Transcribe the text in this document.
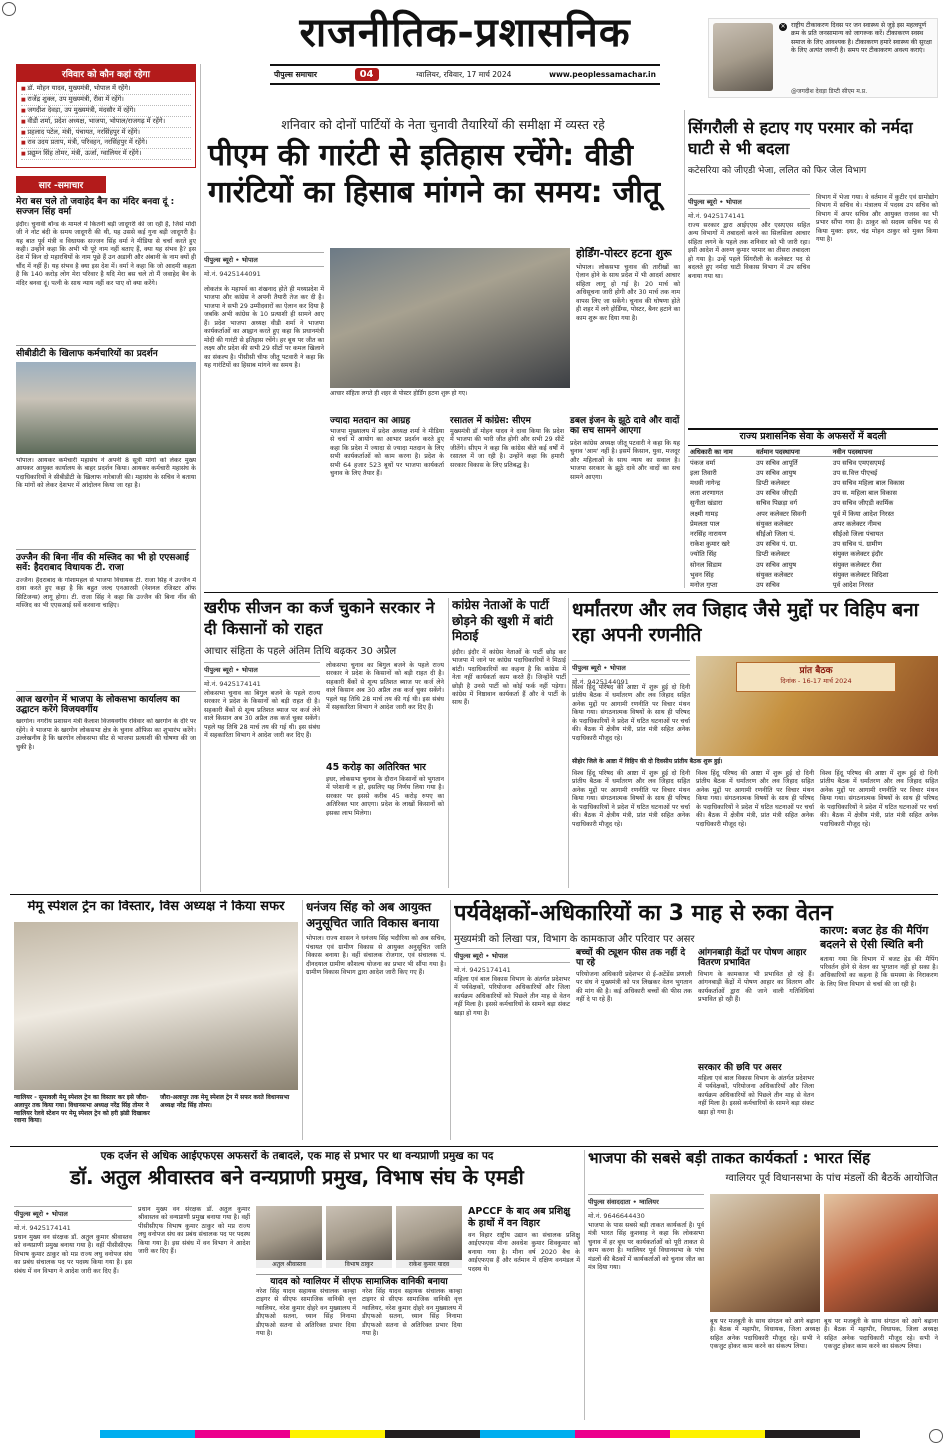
राजनीतिक-प्रशासनिक
पीपुल्स समाचार	04	ग्वालियर, रविवार, 17 मार्च 2024	www.peoplessamachar.in
✕ राष्ट्रीय टीकाकरण दिवस पर जन स्वास्थ्य से जुड़े इस महत्वपूर्ण क्रम के प्रति जनसामान्य को जागरूक करें। टीकाकरण स्वस्थ समाज के लिए आवश्यक है। टीकाकरण हमारे स्वास्थ्य की सुरक्षा के लिए अत्यंत जरूरी है। समय पर टीकाकरण अवश्य कराएं।
@जगदीश देवड़ा डिप्टी सीएम म.प्र.
रविवार को कौन कहां रहेगा
■ डॉ. मोहन यादव, मुख्यमंत्री, भोपाल में रहेंगे।
■ राजेंद्र शुक्ल, उप मुख्यमंत्री, रीवा में रहेंगे।
■ जगदीश देवड़ा, उप मुख्यमंत्री, मंदसौर में रहेंगे।
■ वीडी शर्मा, प्रदेश अध्यक्ष, भाजपा, भोपाल/राजगढ़ में रहेंगे।
■ प्रहलाद पटेल, मंत्री, पंचायत, नरसिंहपुर में रहेंगे।
■ राव उदय प्रताप, मंत्री, परिवहन, नरसिंहपुर में रहेंगे।
■ प्रद्युम्न सिंह तोमर, मंत्री, ऊर्जा, ग्वालियर में रहेंगे।
सार -समाचार
मेरा बस चले तो जवाहेद बैन का मंदिर बनवा दूं : सज्जन सिंह वर्मा
इंदौर। चुनावी बॉन्ड के मामले में कितनी बड़ी जादूगरी की जा रही है, जिसे मोदी जी ने नोट बंदी के समय जादूगरी की थी, यह उससे कई गुना बड़ी जादूगरी है। यह बात पूर्व मंत्री व विधायक सज्जन सिंह वर्मा ने मीडिया से चर्चा करते हुए कही। उन्होंने कहा कि अभी भी पूरे नाम नहीं बताए हैं, क्या यह संभव है? इस देश में किन दो महारथियों के नाम पूछे हैं उन अडानी और अंबानी के नाम क्यों ही चौंद में नहीं हैं। यह संभव है क्या इस देश में। वर्मा ने कहा कि जो आदमी कहता है कि 140 करोड़ लोग मेरा परिवार है यदि मेरा बस चले तो मैं जवाहेद बैन के मंदिर बनवा दूं। पत्नी के साथ न्याय नहीं कर पाए वो क्या करेंगे।
सीबीडीटी के खिलाफ कर्मचारियों का प्रदर्शन
भोपाल। आयकर कर्मचारी महासंघ ने अपनी 8 सूत्री मांगों को लेकर मुख्य आयकर आयुक्त कार्यालय के बाहर प्रदर्शन किया। आयकर कर्मचारी महासंघ के पदाधिकारियों ने सीबीडीटी के खिलाफ नारेबाजी की। महासंघ के सचिव ने बताया कि मांगों को लेकर देशभर में आंदोलन किया जा रहा है।
उज्जैन की बिना नींव की मस्जिद का भी हो एएसआई सर्वे: हैदराबाद विधायक टी. राजा
उज्जैन। हैदराबाद के गोशामहल से भाजपा विधायक टी. राजा सिंह ने उज्जैन में दावा करते हुए कहा है कि बहुत जल्द एनआरसी (नेशनल रजिस्टर ऑफ सिटिजन्स) लागू होगा। टी. राजा सिंह ने कहा कि उज्जैन की बिना नींव की मस्जिद का भी एएसआई सर्वे करवाना चाहिए।
आज खरगोन में भाजपा के लोकसभा कार्यालय का उद्घाटन करेंगे विजयवर्गीय
खरगोन। नगरीय प्रशासन मंत्री कैलाश विजयवर्गीय रविवार को खरगोन के दौरे पर रहेंगे। वे भाजपा के खरगोन लोकसभा क्षेत्र के चुनाव ऑफिस का शुभारंभ करेंगे। उल्लेखनीय है कि खरगोन लोकसभा सीट से भाजपा प्रत्याशी की घोषणा की जा चुकी है।
शनिवार को दोनों पार्टियों के नेता चुनावी तैयारियों की समीक्षा में व्यस्त रहे
पीएम की गारंटी से इतिहास रचेंगे: वीडी गारंटियों का हिसाब मांगने का समय: जीतू
पीपुल्स ब्यूरो • भोपाल
मो.नं. 9425144091
आचार संहिता लगते ही शहर से पोस्टर होर्डिंग हटना शुरू हो गए।
लोकतंत्र के महापर्व का शंखनाद होते ही मध्यप्रदेश में भाजपा और कांग्रेस ने अपनी तैयारी तेज कर दी है। भाजपा ने सभी 29 उम्मीदवारों का ऐलान कर दिया है जबकि अभी कांग्रेस के 10 प्रत्याशी ही सामने आए हैं। प्रदेश भाजपा अध्यक्ष वीडी शर्मा ने भाजपा कार्यकर्ताओं का आह्वान करते हुए कहा कि प्रधानमंत्री मोदी की गारंटी से इतिहास रचेंगे। हर बूथ पर जीत का लक्ष्य और प्रदेश की सभी 29 सीटों पर कमल खिलाने का संकल्प है। पीसीसी चीफ जीतू पटवारी ने कहा कि यह गारंटियों का हिसाब मांगने का समय है।
होर्डिंग-पोस्टर हटना शुरू
भोपाल। लोकसभा चुनाव की तारीखों का ऐलान होने के साथ प्रदेश में भी आदर्श आचार संहिता लागू हो गई है। 20 मार्च को अधिसूचना जारी होगी और 30 मार्च तक नाम वापस लिए जा सकेंगे। चुनाव की घोषणा होते ही शहर में लगे होर्डिंग्स, पोस्टर, बैनर हटाने का काम शुरू कर दिया गया है।
ज्यादा मतदान का आग्रह
भाजपा मुख्यालय में प्रदेश अध्यक्ष शर्मा ने मीडिया से चर्चा में आयोग का आभार प्रदर्शन करते हुए कहा कि प्रदेश में ज्यादा से ज्यादा मतदान के लिए सभी कार्यकर्ताओं को काम करना है। प्रदेश के सभी 64 हजार 523 बूथों पर भाजपा कार्यकर्ता चुनाव के लिए तैयार हैं।
रसातल में कांग्रेस: सीएम
मुख्यमंत्री डॉ मोहन यादव ने दावा किया कि प्रदेश में भाजपा की भारी जीत होगी और सभी 29 सीटें जीतेंगे। सीएम ने कहा कि कांग्रेस बीते कई वर्षों में रसातल में जा रही है। उन्होंने कहा कि हमारी सरकार विकास के लिए प्रतिबद्ध है।
डबल इंजन के झूठे दावे और वादों का सच सामने आएगा
प्रदेश कांग्रेस अध्यक्ष जीतू पटवारी ने कहा कि यह चुनाव 'आम' नहीं है। इसमें किसान, युवा, मजदूर और महिलाओं के साथ न्याय का सवाल है। भाजपा सरकार के झूठे दावे और वादों का सच सामने आएगा।
सिंगरौली से हटाए गए परमार को नर्मदा घाटी से भी बदला
कटेसरिया को जीएडी भेजा, ललित को फिर जेल विभाग
पीपुल्स ब्यूरो • भोपाल
मो.नं. 9425174141
राज्य सरकार द्वारा आईएएस और एसएएस सहित अन्य विभागों में तबादलों करने का सिलसिला आचार संहिता लगने के पहले तक शनिवार को भी जारी रहा। इसी आदेश में अरुण कुमार परमार का तीसरा तबादला हो गया है। उन्हें पहले सिंगरौली के कलेक्टर पद से बदलते हुए नर्मदा घाटी विकास विभाग में उप सचिव बनाया गया था।
विभाग में भेजा गया। वे वर्तमान में कुटीर एवं ग्रामोद्योग विभाग में सचिव थे। मंत्रालय में पदस्थ उप सचिव को विभाग में अपर सचिव और आयुक्त राजस्व का भी प्रभार सौंपा गया है। ठाकुर को सदस्य सचिव पद से किया मुक्त: इधर, चंद्र मोहन ठाकुर को मुक्त किया गया है।
राज्य प्रशासनिक सेवा के अफसरों में बदली
अधिकारी का नाम	वर्तमान पदस्थापना	नवीन पदस्थापना
पंकज वर्मा	उप सचिव आपूर्ति	उप सचिव एमएसएमई
इला तिवारी	उप सचिव आयुष	उप स.वित्त पीएचई
मधवी नागेन्द्र	डिप्टी कलेक्टर	उप सचिव महिला बाल विकास
लता शरणागत	उप सचिव जीएडी	उप स. महिला बाल विकास
सुनीता खंडारा	सचिव पिछड़ा वर्ग	उप सचिव जीएडी कार्मिक
लक्ष्मी गामड़	अपर कलेक्टर सिवनी	पूर्व में किया आदेश निरस्त
प्रेमलता पाल	संयुक्त कलेक्टर	अपर कलेक्टर नीमच
नरसिंह नारायण	सीईओ जिला पं.	सीईओ जिला पंचायत
राकेश कुमार खरे	उप सचिव पं. ग्रा.	उप सचिव पं. ग्रामीण
ज्योति सिंह	डिप्टी कलेक्टर	संयुक्त कलेक्टर इंदौर
सोनल सिडाम	उप सचिव आयुष	संयुक्त कलेक्टर रीवा
भुवन सिंह	संयुक्त कलेक्टर	संयुक्त कलेक्टर विदिशा
मनोज गुप्ता	उप सचिव	पूर्व आदेश निरस्त
खरीफ सीजन का कर्ज चुकाने सरकार ने दी किसानों को राहत
आचार संहिता के पहले अंतिम तिथि बढ़कर 30 अप्रैल
पीपुल्स ब्यूरो • भोपाल
मो.नं. 9425174141
लोकसभा चुनाव का बिगुल बजने के पहले राज्य सरकार ने प्रदेश के किसानों को बड़ी राहत दी है। सहकारी बैंकों से शून्य प्रतिशत ब्याज पर कर्ज लेने वाले किसान अब 30 अप्रैल तक कर्ज चुका सकेंगे। पहले यह तिथि 28 मार्च तय की गई थी। इस संबंध में सहकारिता विभाग ने आदेश जारी कर दिए हैं।
लोकसभा चुनाव का बिगुल बजने के पहले राज्य सरकार ने प्रदेश के किसानों को बड़ी राहत दी है। सहकारी बैंकों से शून्य प्रतिशत ब्याज पर कर्ज लेने वाले किसान अब 30 अप्रैल तक कर्ज चुका सकेंगे। पहले यह तिथि 28 मार्च तय की गई थी। इस संबंध में सहकारिता विभाग ने आदेश जारी कर दिए हैं।
45 करोड़ का अतिरिक्त भार
इधर, लोकसभा चुनाव के दौरान किसानों को भुगतान में परेशानी न हो, इसलिए यह निर्णय लिया गया है। सरकार पर इससे करीब 45 करोड़ रुपए का अतिरिक्त भार आएगा। प्रदेश के लाखों किसानों को इसका लाभ मिलेगा।
कांग्रेस नेताओं के पार्टी छोड़ने की खुशी में बांटी मिठाई
इंदौर। इंदौर में कांग्रेस नेताओं के पार्टी छोड़ कर भाजपा में जाने पर कांग्रेस पदाधिकारियों ने मिठाई बांटी। पदाधिकारियों का कहना है कि कांग्रेस में नेता नहीं कार्यकर्ता काम करते हैं। जिन्होंने पार्टी छोड़ी है उनसे पार्टी को कोई फर्क नहीं पड़ेगा। कांग्रेस में निष्ठावान कार्यकर्ता हैं और वे पार्टी के साथ हैं।
धर्मांतरण और लव जिहाद जैसे मुद्दों पर विहिप बना रहा अपनी रणनीति
पीपुल्स ब्यूरो • भोपाल
मो.नं. 9425144091
प्रांत बैठक
दिनांक - 16-17 मार्च 2024
सीहोर जिले के आष्टा में विहिप की दो दिवसीय प्रांतीय बैठक शुरू हुई।
विश्व हिंदू परिषद की आष्टा में शुरू हुई दो दिनी प्रांतीय बैठक में धर्मांतरण और लव जिहाद सहित अनेक मुद्दों पर आगामी रणनीति पर विचार मंथन किया गया। संगठनात्मक विषयों के साथ ही परिषद के पदाधिकारियों ने प्रदेश में घटित घटनाओं पर चर्चा की। बैठक में क्षेत्रीय मंत्री, प्रांत मंत्री सहित अनेक पदाधिकारी मौजूद रहे।
विश्व हिंदू परिषद की आष्टा में शुरू हुई दो दिनी प्रांतीय बैठक में धर्मांतरण और लव जिहाद सहित अनेक मुद्दों पर आगामी रणनीति पर विचार मंथन किया गया। संगठनात्मक विषयों के साथ ही परिषद के पदाधिकारियों ने प्रदेश में घटित घटनाओं पर चर्चा की। बैठक में क्षेत्रीय मंत्री, प्रांत मंत्री सहित अनेक पदाधिकारी मौजूद रहे।
विश्व हिंदू परिषद की आष्टा में शुरू हुई दो दिनी प्रांतीय बैठक में धर्मांतरण और लव जिहाद सहित अनेक मुद्दों पर आगामी रणनीति पर विचार मंथन किया गया। संगठनात्मक विषयों के साथ ही परिषद के पदाधिकारियों ने प्रदेश में घटित घटनाओं पर चर्चा की। बैठक में क्षेत्रीय मंत्री, प्रांत मंत्री सहित अनेक पदाधिकारी मौजूद रहे।
विश्व हिंदू परिषद की आष्टा में शुरू हुई दो दिनी प्रांतीय बैठक में धर्मांतरण और लव जिहाद सहित अनेक मुद्दों पर आगामी रणनीति पर विचार मंथन किया गया। संगठनात्मक विषयों के साथ ही परिषद के पदाधिकारियों ने प्रदेश में घटित घटनाओं पर चर्चा की। बैठक में क्षेत्रीय मंत्री, प्रांत मंत्री सहित अनेक पदाधिकारी मौजूद रहे।
मेमू स्पेशल ट्रेन का विस्तार, विस अध्यक्ष ने किया सफर
ग्वालियर - सुमावली मेमू स्पेशल ट्रेन का विस्तार कर इसे जौरा-अलापुर तक किया गया। विधानसभा अध्यक्ष नरेंद्र सिंह तोमर ने ग्वालियर रेलवे स्टेशन पर मेमू स्पेशल ट्रेन को हरी झंडी दिखाकर रवाना किया।
जौरा-अलापुर तक मेमू स्पेशल ट्रेन में सफर करते विधानसभा अध्यक्ष नरेंद्र सिंह तोमर।
धनंजय सिंह को अब आयुक्त अनुसूचित जाति विकास बनाया
भोपाल। राज्य शासन ने धनंजय सिंह भदौरिया को अब सचिव, पंचायत एवं ग्रामीण विकास से आयुक्त अनुसूचित जाति विकास बनाया है। वहीं संचालक रोजगार, एवं संचालक पं. दीनदयाल ग्रामीण कौशल्य योजना का प्रभार भी सौंपा गया है। ग्रामीण विकास विभाग द्वारा आदेश जारी किए गए हैं।
पर्यवेक्षकों-अधिकारियों का 3 माह से रुका वेतन
मुख्यमंत्री को लिखा पत्र, विभाग के कामकाज और परिवार पर असर
पीपुल्स ब्यूरो • भोपाल
मो.नं. 9425174141
महिला एवं बाल विकास विभाग के अंतर्गत प्रदेशभर में पर्यवेक्षकों, परियोजना अधिकारियों और जिला कार्यक्रम अधिकारियों को पिछले तीन माह से वेतन नहीं मिला है। इससे कर्मचारियों के सामने बड़ा संकट खड़ा हो गया है।
बच्चों की ट्यूशन फीस तक नहीं दे पा रहे
परियोजना अधिकारी प्रदेशभर से ई-अटेंडेंस प्रणाली पर संघ ने मुख्यमंत्री को पत्र लिखकर वेतन भुगतान की मांग की है। कई अधिकारी बच्चों की फीस तक नहीं दे पा रहे हैं।
आंगनबाड़ी केंद्रों पर पोषण आहार वितरण प्रभावित
विभाग के कामकाज भी प्रभावित हो रहे हैं। आंगनबाड़ी केंद्रों में पोषण आहार का वितरण और कार्यकर्ताओं द्वारा की जाने वाली गतिविधियां प्रभावित हो रही हैं।
सरकार की छवि पर असर
महिला एवं बाल विकास विभाग के अंतर्गत प्रदेशभर में पर्यवेक्षकों, परियोजना अधिकारियों और जिला कार्यक्रम अधिकारियों को पिछले तीन माह से वेतन नहीं मिला है। इससे कर्मचारियों के सामने बड़ा संकट खड़ा हो गया है।
कारण: बजट हेड की मैपिंग बदलने से ऐसी स्थिति बनी
बताया गया कि विभाग में बजट हेड की मैपिंग परिवर्तन होने से वेतन का भुगतान नहीं हो सका है। अधिकारियों का कहना है कि समस्या के निराकरण के लिए वित्त विभाग से चर्चा की जा रही है।
एक दर्जन से अधिक आईएफएस अफसरों के तबादले, एक माह से प्रभार पर था वन्यप्राणी प्रमुख का पद
डॉ. अतुल श्रीवास्तव बने वन्यप्राणी प्रमुख, विभाष संघ के एमडी
पीपुल्स ब्यूरो • भोपाल
मो.नं. 9425174141
प्रधान मुख्य वन संरक्षक डॉ. अतुल कुमार श्रीवास्तव को वन्यप्राणी प्रमुख बनाया गया है। वहीं पीसीसीएफ विभाष कुमार ठाकुर को मप्र राज्य लघु वनोपज संघ का प्रबंध संचालक पद पर पदस्थ किया गया है। इस संबंध में वन विभाग ने आदेश जारी कर दिए हैं।
प्रधान मुख्य वन संरक्षक डॉ. अतुल कुमार श्रीवास्तव को वन्यप्राणी प्रमुख बनाया गया है। वहीं पीसीसीएफ विभाष कुमार ठाकुर को मप्र राज्य लघु वनोपज संघ का प्रबंध संचालक पद पर पदस्थ किया गया है। इस संबंध में वन विभाग ने आदेश जारी कर दिए हैं।
अतुल श्रीवास्तव	विभाष ठाकुर	राकेश कुमार यादव
यादव को ग्वालियर में सीएफ सामाजिक वानिकी बनाया
नरेश सिंह यादव सहायक संचालक कान्हा टाइगर से सीएफ सामाजिक वानिकी वृत्त ग्वालियर, नरेश कुमार दोहरे वन मुख्यालय में डीएफओ सतना, ध्यान सिंह निनामा डीएफओ सतना से अतिरिक्त प्रभार दिया गया है।
नरेश सिंह यादव सहायक संचालक कान्हा टाइगर से सीएफ सामाजिक वानिकी वृत्त ग्वालियर, नरेश कुमार दोहरे वन मुख्यालय में डीएफओ सतना, ध्यान सिंह निनामा डीएफओ सतना से अतिरिक्त प्रभार दिया गया है।
APCCF के बाद अब प्रशिक्षु के हाथों में वन विहार
वन विहार राष्ट्रीय उद्यान का संचालक प्रशिक्षु आईएफएस मीना अवधेश कुमार शिवकुमार को बनाया गया है। मीना वर्ष 2020 बैच के आईएफएस हैं और वर्तमान में दक्षिण वनमंडल में पदस्थ थे।
भाजपा की सबसे बड़ी ताकत कार्यकर्ता : भारत सिंह
ग्वालियर पूर्व विधानसभा के पांच मंडलों की बैठकें आयोजित
पीपुल्स संवाददाता • ग्वालियर
मो.नं. 9646644430
भाजपा के पास सबसे बड़ी ताकत कार्यकर्ता है। पूर्व मंत्री भारत सिंह कुशवाह ने कहा कि लोकसभा चुनाव में हर बूथ पर कार्यकर्ताओं को पूरी ताकत से काम करना है। ग्वालियर पूर्व विधानसभा के पांच मंडलों की बैठकों में कार्यकर्ताओं को चुनाव जीत का मंत्र दिया गया।
बूथ पर मजबूती के साथ संगठन को आगे बढ़ाना है। बैठक में महापौर, विधायक, जिला अध्यक्ष सहित अनेक पदाधिकारी मौजूद रहे। सभी ने एकजुट होकर काम करने का संकल्प लिया।
बूथ पर मजबूती के साथ संगठन को आगे बढ़ाना है। बैठक में महापौर, विधायक, जिला अध्यक्ष सहित अनेक पदाधिकारी मौजूद रहे। सभी ने एकजुट होकर काम करने का संकल्प लिया।
